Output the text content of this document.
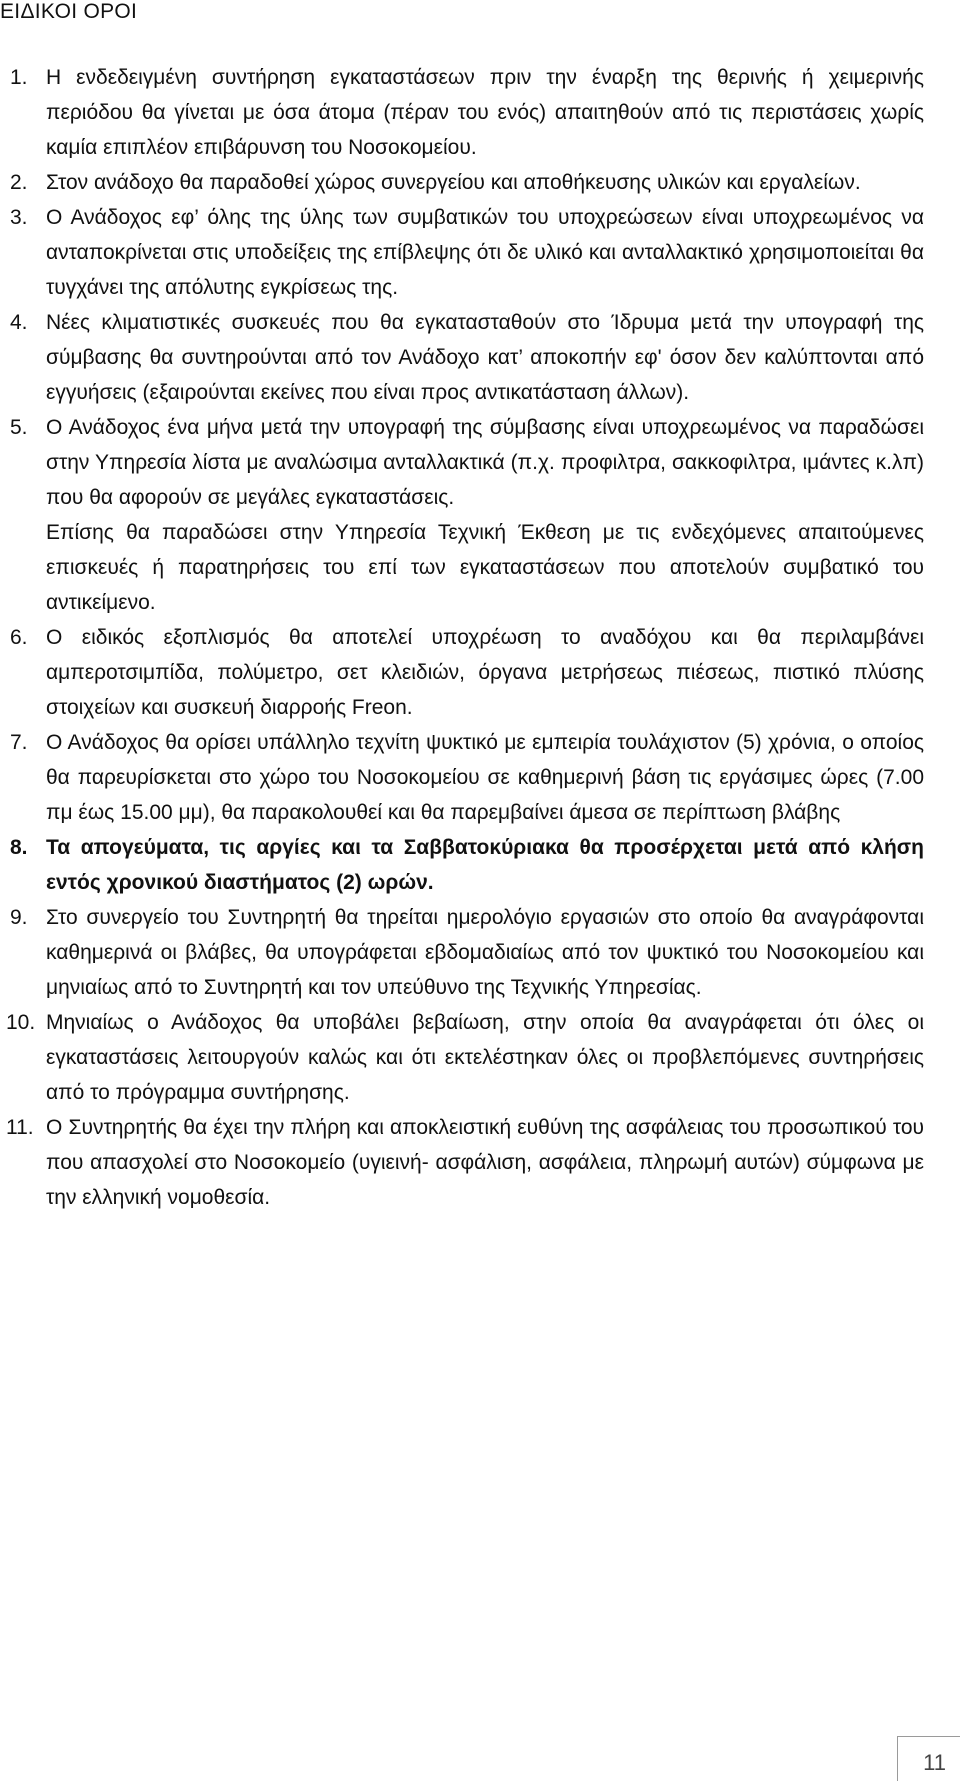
ΕΙΔΙΚΟΙ ΟΡΟΙ
1. Η ενδεδειγμένη συντήρηση εγκαταστάσεων πριν την έναρξη της θερινής ή χειμερινής περιόδου θα γίνεται με όσα άτομα (πέραν του ενός) απαιτηθούν από τις περιστάσεις χωρίς καμία επιπλέον επιβάρυνση του Νοσοκομείου.

2. Στον ανάδοχο θα παραδοθεί χώρος συνεργείου και αποθήκευσης υλικών και εργαλείων.

3. Ο Ανάδοχος εφ’ όλης της ύλης των συμβατικών του υποχρεώσεων είναι υποχρεωμένος να ανταποκρίνεται στις υποδείξεις της επίβλεψης ότι δε υλικό και ανταλλακτικό χρησιμοποιείται θα τυγχάνει της απόλυτης εγκρίσεως της.

4. Νέες κλιματιστικές συσκευές που θα εγκατασταθούν στο Ίδρυμα μετά την υπογραφή της σύμβασης θα συντηρούνται από τον Ανάδοχο κατ’ αποκοπήν εφ' όσον δεν καλύπτονται από εγγυήσεις (εξαιρούνται εκείνες που είναι προς αντικατάσταση άλλων).

5. Ο Ανάδοχος ένα μήνα μετά την υπογραφή της σύμβασης είναι υποχρεωμένος να παραδώσει στην Υπηρεσία λίστα με αναλώσιμα ανταλλακτικά (π.χ. προφιλτρα, σακκοφιλτρα, ιμάντες κ.λπ) που θα αφορούν σε μεγάλες εγκαταστάσεις.

Επίσης θα παραδώσει στην Υπηρεσία Τεχνική Έκθεση με τις ενδεχόμενες απαιτούμενες επισκευές ή παρατηρήσεις του επί των εγκαταστάσεων που αποτελούν συμβατικό του αντικείμενο.

6. Ο ειδικός εξοπλισμός θα αποτελεί υποχρέωση το αναδόχου και θα περιλαμβάνει αμπεροτσιμπίδα, πολύμετρο, σετ κλειδιών, όργανα μετρήσεως πιέσεως, πιστικό πλύσης στοιχείων και συσκευή διαρροής Freon.

7. Ο Ανάδοχος θα ορίσει υπάλληλο τεχνίτη ψυκτικό με εμπειρία τουλάχιστον (5) χρόνια, ο οποίος θα παρευρίσκεται στο χώρο του Νοσοκομείου σε καθημερινή βάση τις εργάσιμες ώρες (7.00 πμ έως 15.00 μμ), θα παρακολουθεί και θα παρεμβαίνει άμεσα σε περίπτωση βλάβης

8. Τα απογεύματα, τις αργίες και τα Σαββατοκύριακα θα προσέρχεται μετά από κλήση εντός χρονικού διαστήματος (2) ωρών.

9. Στο συνεργείο του Συντηρητή θα τηρείται ημερολόγιο εργασιών στο οποίο θα αναγράφονται καθημερινά οι βλάβες, θα υπογράφεται εβδομαδιαίως από τον ψυκτικό του Νοσοκομείου και μηνιαίως από το Συντηρητή και τον υπεύθυνο της Τεχνικής Υπηρεσίας.

10. Μηνιαίως ο Ανάδοχος θα υποβάλει βεβαίωση, στην οποία θα αναγράφεται ότι όλες οι εγκαταστάσεις λειτουργούν καλώς και ότι εκτελέστηκαν όλες οι προβλεπόμενες συντηρήσεις από το πρόγραμμα συντήρησης.

11. Ο Συντηρητής θα έχει την πλήρη και αποκλειστική ευθύνη της ασφάλειας του προσωπικού του που απασχολεί στο Νοσοκομείο (υγιεινή- ασφάλιση, ασφάλεια, πληρωμή αυτών) σύμφωνα με την ελληνική νομοθεσία.

11
